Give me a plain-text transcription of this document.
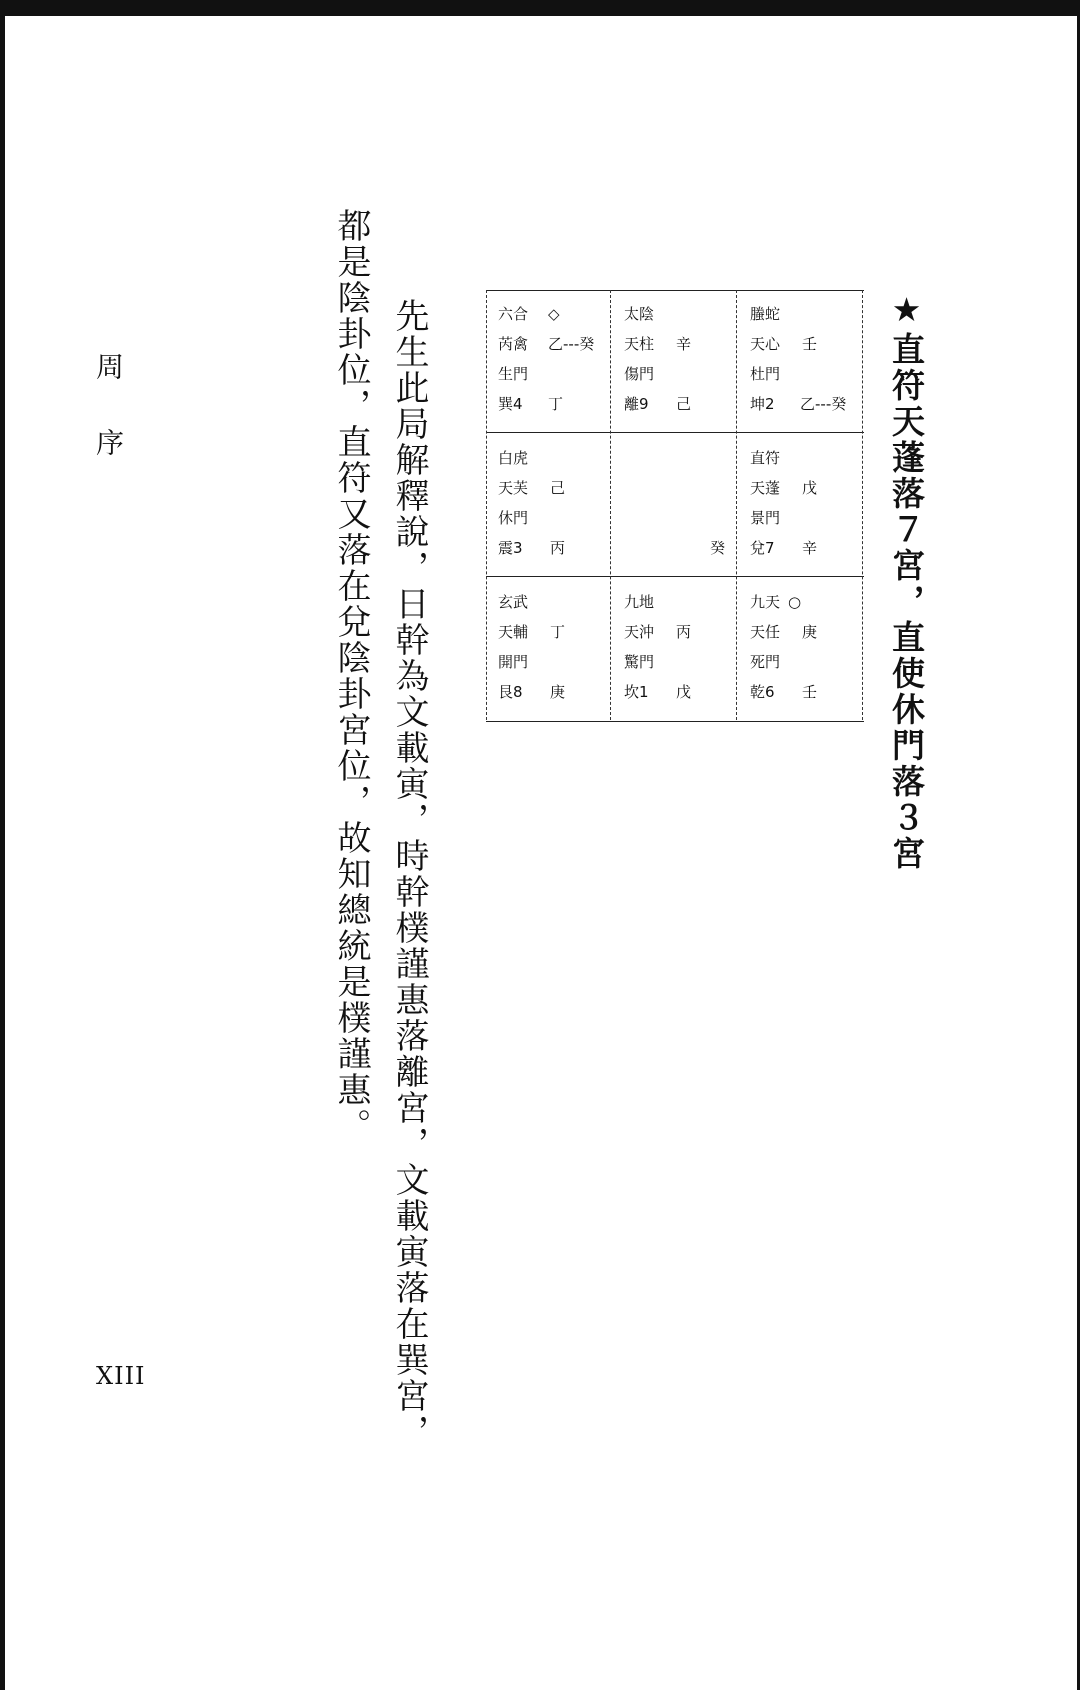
★直符天蓬落７宮，直使休門落３宮
六合 ◇
芮禽 乙---癸
生門
巽4 丁
太陰
天柱 辛
傷門
離9 己
螣蛇
天心 壬
杜門
坤2 乙---癸
白虎
天芙 己
休門
震3 丙	癸
直符
天蓬 戊
景門
兌7 辛
玄武
天輔 丁
開門
艮8 庚
九地
天沖 丙
驚門
坎1 戊
九天 ○
天任 庚
死門
乾6 壬
先生此局解釋說，日幹為文載寅，時幹樸謹惠落離宮，文載寅落在巽宮，
都是陰卦位，直符又落在兌陰卦宮位，故知總統是樸謹惠。
周
序
XIII
